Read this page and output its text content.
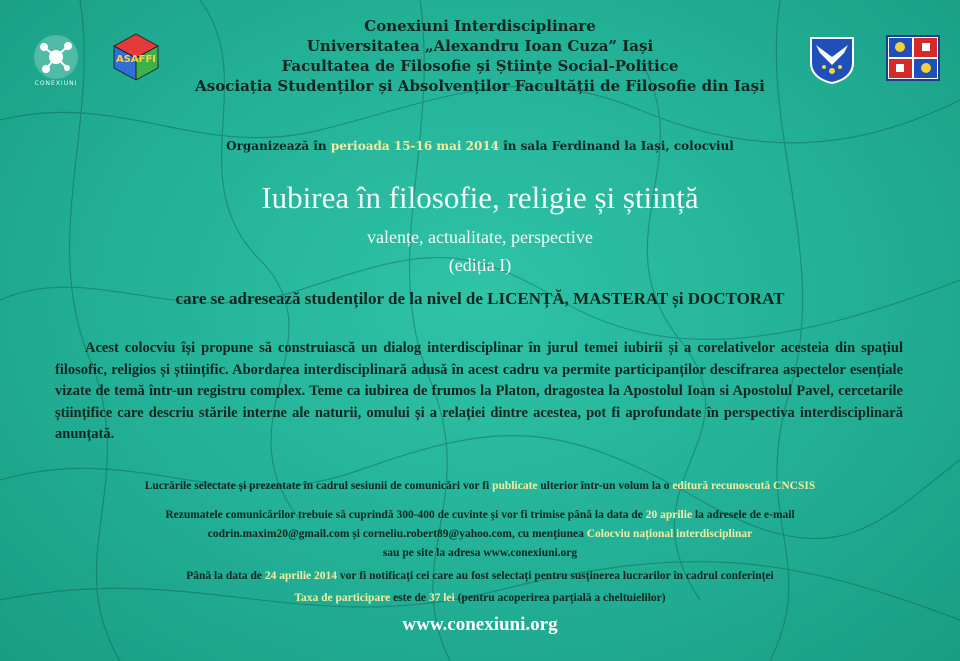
CONEXIUNI
ASAFFI
Conexiuni Interdisciplinare
Universitatea „Alexandru Ioan Cuza” Iași
Facultatea de Filosofie și Științe Social-Politice
Asociația Studenților și Absolvenților Facultății de Filosofie din Iași
Organizează în perioada 15-16 mai 2014 în sala Ferdinand la Iași, colocviul
Iubirea în filosofie, religie și știință
valențe, actualitate, perspective
(ediția I)
care se adresează studenților de la nivel de LICENȚĂ, MASTERAT și DOCTORAT
Acest colocviu își propune să construiască un dialog interdisciplinar în jurul temei iubirii și a corelativelor acesteia din spațiul filosofic, religios și științific. Abordarea interdisciplinară adusă în acest cadru va permite participanților descifrarea aspectelor esențiale vizate de temă într-un registru complex. Teme ca iubirea de frumos la Platon, dragostea la Apostolul Ioan si Apostolul Pavel, cercetarile științifice care descriu stările interne ale naturii, omului și a relației dintre acestea, pot fi aprofundate în perspectiva interdisciplinară anunțată.
Lucrările selectate și prezentate în cadrul sesiunii de comunicări vor fi publicate ulterior într-un volum la o editură recunoscută CNCSIS
Rezumatele comunicărilor trebuie să cuprindă 300-400 de cuvinte și vor fi trimise până la data de 20 aprilie la adresele de e-mail
codrin.maxim20@gmail.com și corneliu.robert89@yahoo.com, cu mențiunea Colocviu național interdisciplinar
sau pe site la adresa www.conexiuni.org
Până la data de 24 aprilie 2014 vor fi notificați cei care au fost selectați pentru susținerea lucrarilor în cadrul conferinței
Taxa de participare este de 37 lei (pentru acoperirea parțială a cheltuielilor)
www.conexiuni.org
